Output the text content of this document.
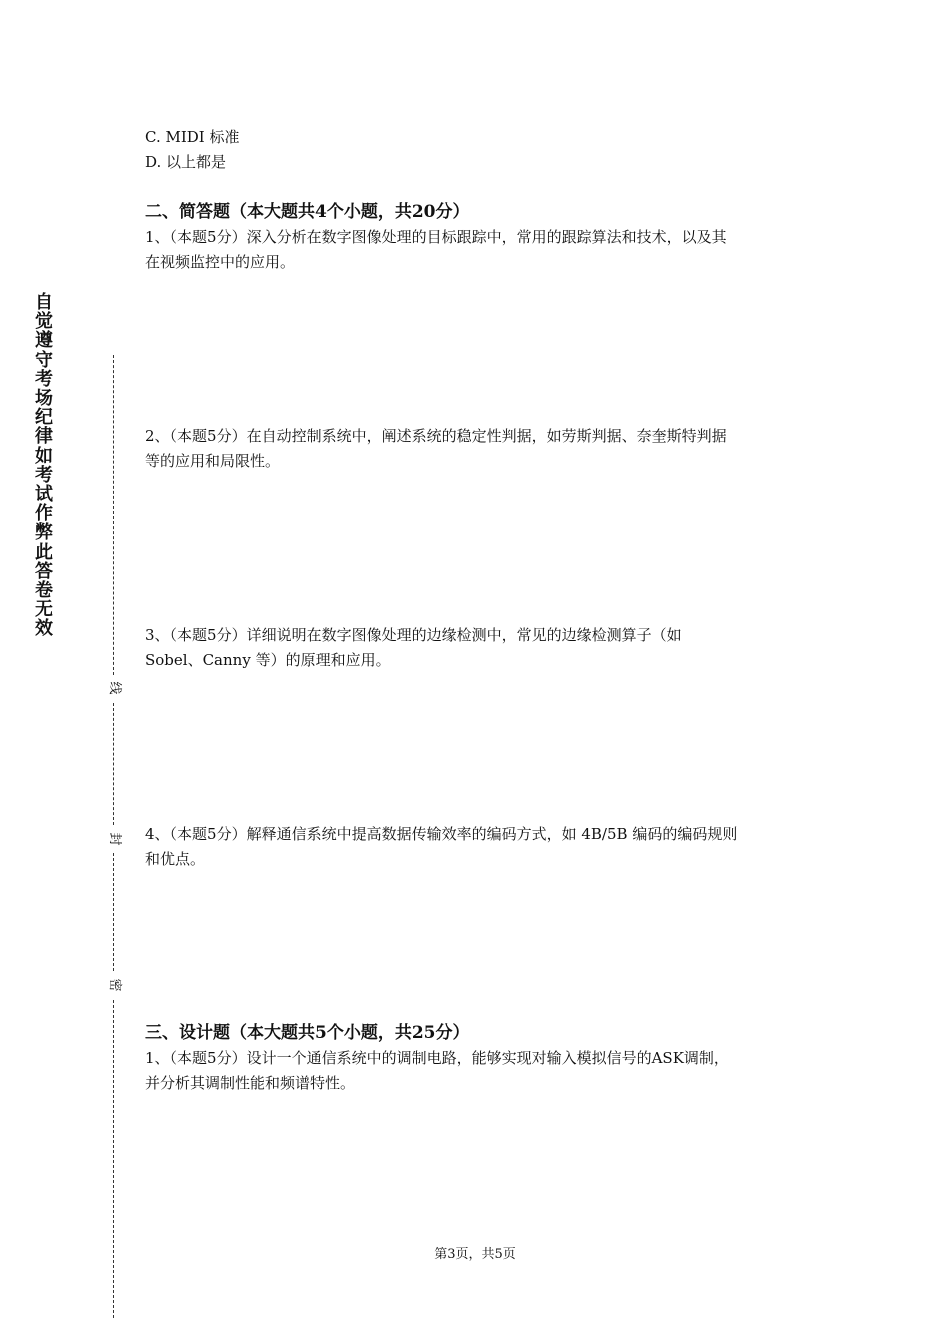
自觉遵守考场纪律如考试作弊此答卷无效
线
封
密
C. MIDI 标准
D. 以上都是
二、简答题（本大题共4个小题，共20分）
1、（本题5分）深入分析在数字图像处理的目标跟踪中，常用的跟踪算法和技术，以及其
在视频监控中的应用。
2、（本题5分）在自动控制系统中，阐述系统的稳定性判据，如劳斯判据、奈奎斯特判据
等的应用和局限性。
3、（本题5分）详细说明在数字图像处理的边缘检测中，常见的边缘检测算子（如
Sobel、Canny 等）的原理和应用。
4、（本题5分）解释通信系统中提高数据传输效率的编码方式，如 4B/5B 编码的编码规则
和优点。
三、设计题（本大题共5个小题，共25分）
1、（本题5分）设计一个通信系统中的调制电路，能够实现对输入模拟信号的ASK调制，
并分析其调制性能和频谱特性。
第3页，共5页
